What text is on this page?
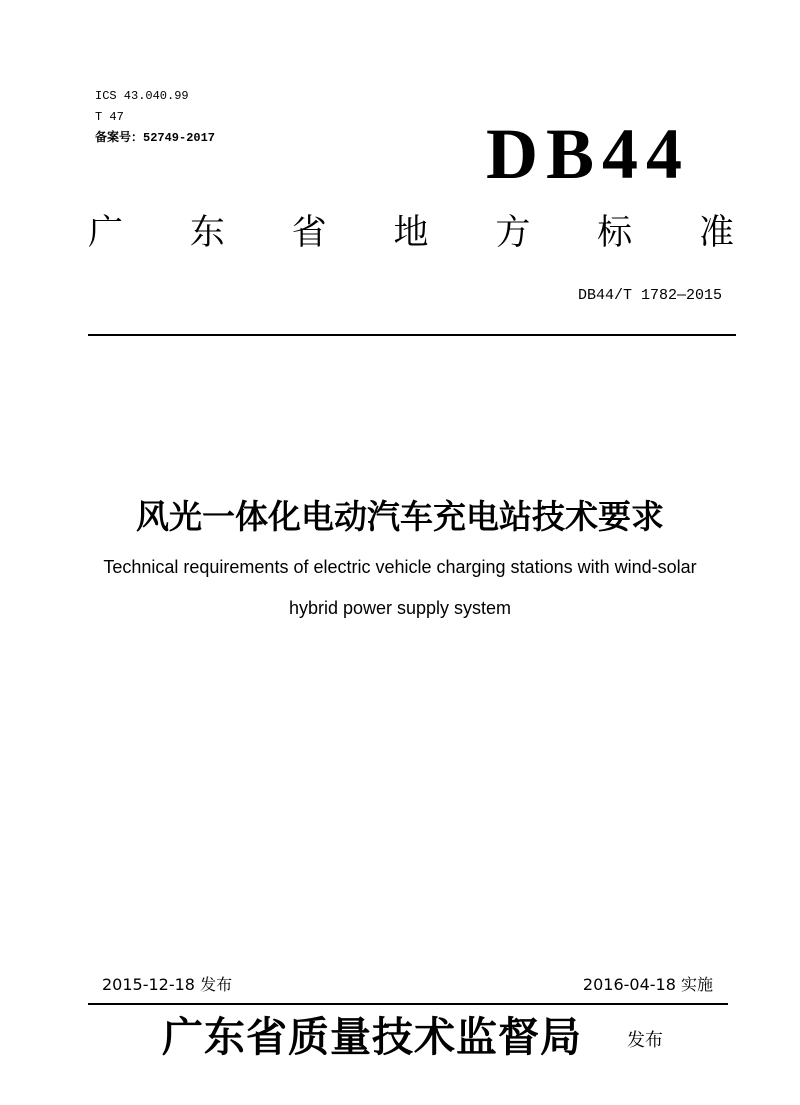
ICS 43.040.99
T 47
备案号：52749-2017	DB44
广 东 省 地 方 标 准
DB44/T 1782—2015
风光一体化电动汽车充电站技术要求
Technical requirements of electric vehicle charging stations with wind-solar
hybrid power supply system
2015-12-18 发布	2016-04-18 实施
广东省质量技术监督局	发布
